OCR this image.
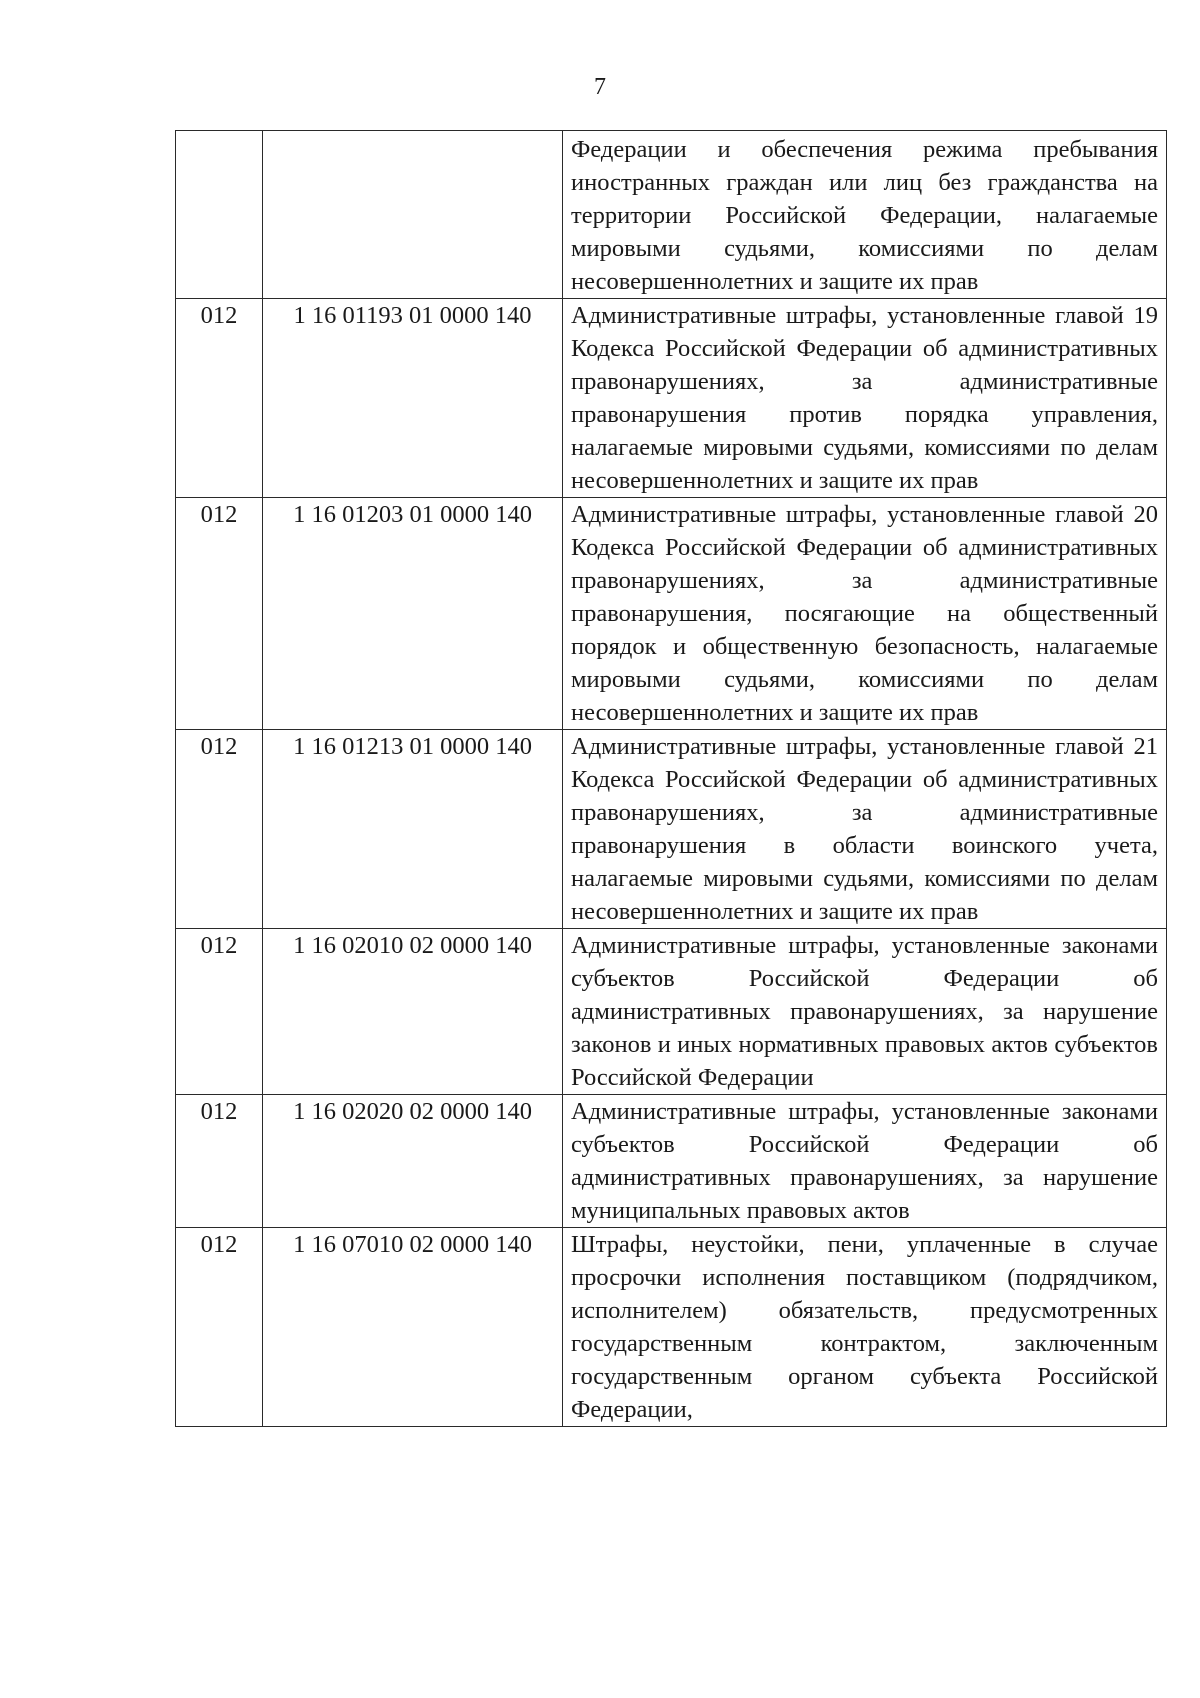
7
		Федерации и обеспечения режима пребывания иностранных граждан или лиц без гражданства на территории Российской Федерации, налагаемые мировыми судьями, комиссиями по делам несовершеннолетних и защите их прав
012	1 16 01193 01 0000 140	Административные штрафы, установленные главой 19 Кодекса Российской Федерации об административных правонарушениях, за административные правонарушения против порядка управления, налагаемые мировыми судьями, комиссиями по делам несовершеннолетних и защите их прав
012	1 16 01203 01 0000 140	Административные штрафы, установленные главой 20 Кодекса Российской Федерации об административных правонарушениях, за административные правонарушения, посягающие на общественный порядок и общественную безопасность, налагаемые мировыми судьями, комиссиями по делам несовершеннолетних и защите их прав
012	1 16 01213 01 0000 140	Административные штрафы, установленные главой 21 Кодекса Российской Федерации об административных правонарушениях, за административные правонарушения в области воинского учета, налагаемые мировыми судьями, комиссиями по делам несовершеннолетних и защите их прав
012	1 16 02010 02 0000 140	Административные штрафы, установленные законами субъектов Российской Федерации об административных правонарушениях, за нарушение законов и иных нормативных правовых актов субъектов Российской Федерации
012	1 16 02020 02 0000 140	Административные штрафы, установленные законами субъектов Российской Федерации об административных правонарушениях, за нарушение муниципальных правовых актов
012	1 16 07010 02 0000 140	Штрафы, неустойки, пени, уплаченные в случае просрочки исполнения поставщиком (подрядчиком, исполнителем) обязательств, предусмотренных государственным контрактом, заключенным государственным органом субъекта Российской Федерации,
